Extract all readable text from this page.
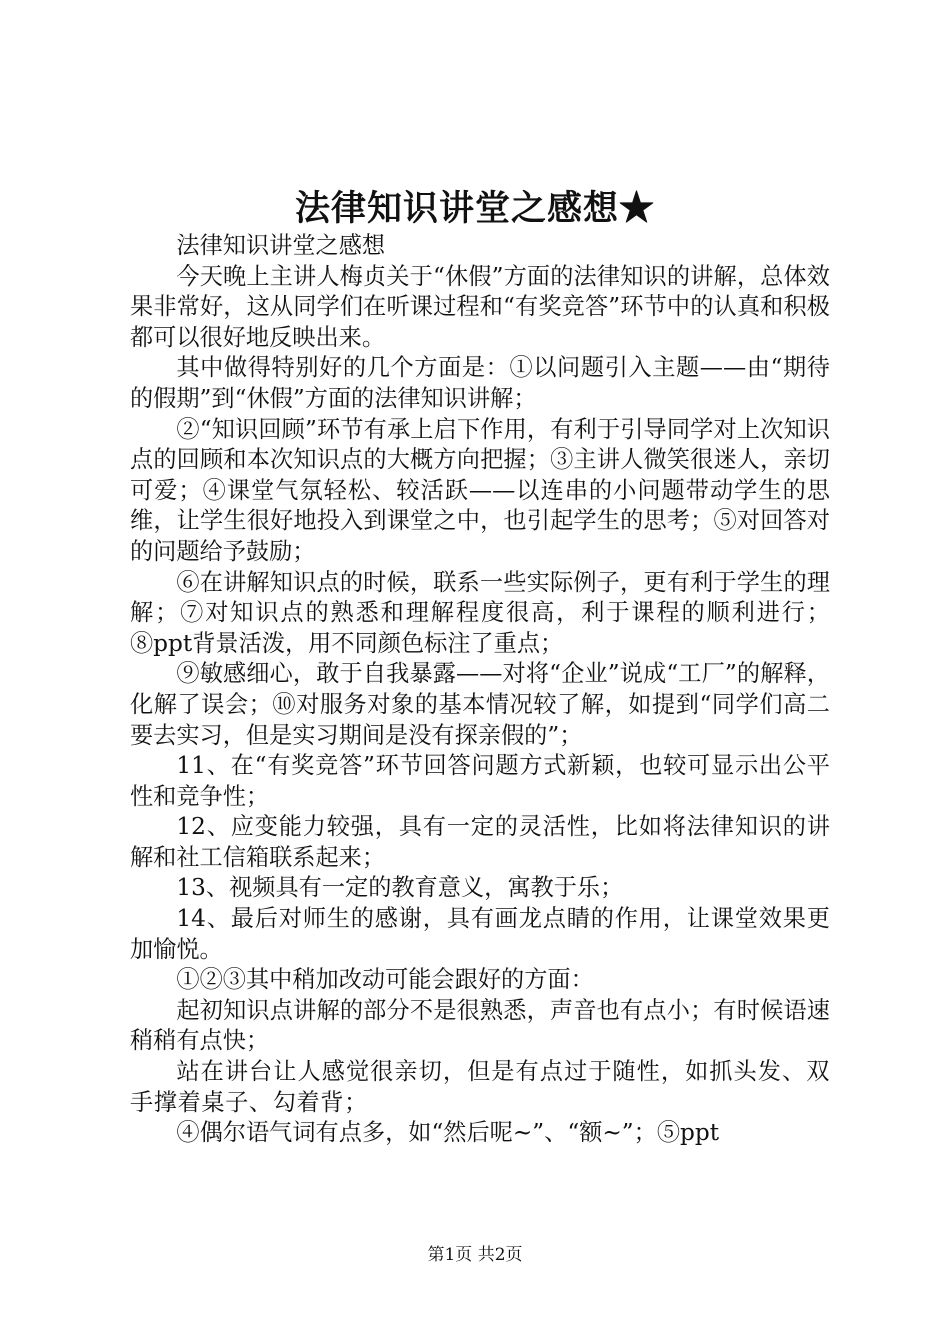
法律知识讲堂之感想★

法律知识讲堂之感想

今天晚上主讲人梅贞关于“休假”方面的法律知识的讲解，总体效果非常好，这从同学们在听课过程和“有奖竞答”环节中的认真和积极都可以很好地反映出来。

其中做得特别好的几个方面是：①以问题引入主题——由“期待的假期”到“休假”方面的法律知识讲解；

②“知识回顾”环节有承上启下作用，有利于引导同学对上次知识点的回顾和本次知识点的大概方向把握；③主讲人微笑很迷人，亲切可爱；④课堂气氛轻松、较活跃——以连串的小问题带动学生的思维，让学生很好地投入到课堂之中，也引起学生的思考；⑤对回答对的问题给予鼓励；

⑥在讲解知识点的时候，联系一些实际例子，更有利于学生的理解；⑦对知识点的熟悉和理解程度很高，利于课程的顺利进行；⑧ppt背景活泼，用不同颜色标注了重点；

⑨敏感细心，敢于自我暴露——对将“企业”说成“工厂”的解释，化解了误会；⑩对服务对象的基本情况较了解，如提到“同学们高二要去实习，但是实习期间是没有探亲假的”；

11、在“有奖竞答”环节回答问题方式新颖，也较可显示出公平性和竞争性；

12、应变能力较强，具有一定的灵活性，比如将法律知识的讲解和社工信箱联系起来；

13、视频具有一定的教育意义，寓教于乐；

14、最后对师生的感谢，具有画龙点睛的作用，让课堂效果更加愉悦。

①②③其中稍加改动可能会跟好的方面：

起初知识点讲解的部分不是很熟悉，声音也有点小；有时候语速稍稍有点快；

站在讲台让人感觉很亲切，但是有点过于随性，如抓头发、双手撑着桌子、勾着背；

④偶尔语气词有点多，如“然后呢~”、“额~”；⑤ppt

第1页 共2页
